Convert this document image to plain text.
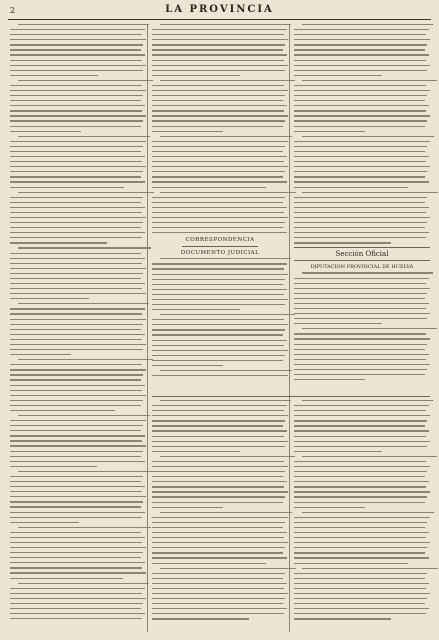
2	LA PROVINCIA
CORRESPONDENCIA
DOCUMENTO JUDICIAL	Sección Oficial
DIPUTACION PROVINCIAL DE HUELVA
